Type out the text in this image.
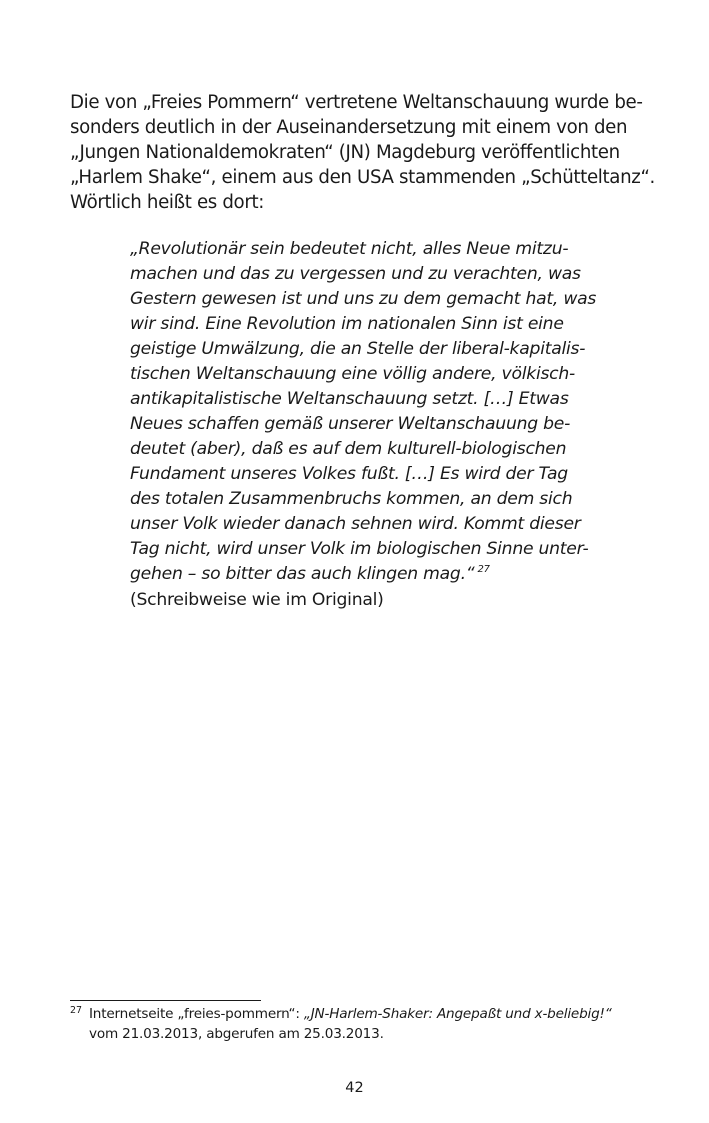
Die von „Freies Pommern“ vertretene Weltanschauung wurde be-
sonders deutlich in der Auseinandersetzung mit einem von den
„Jungen Nationaldemokraten“ (JN) Magdeburg veröffentlichten
„Harlem Shake“, einem aus den USA stammenden „Schütteltanz“.
Wörtlich heißt es dort:
„Revolutionär sein bedeutet nicht, alles Neue mitzu-
machen und das zu vergessen und zu verachten, was
Gestern gewesen ist und uns zu dem gemacht hat, was
wir sind. Eine Revolution im nationalen Sinn ist eine
geistige Umwälzung, die an Stelle der liberal-kapitalis-
tischen Weltanschauung eine völlig andere, völkisch-
antikapitalistische Weltanschauung setzt. […] Etwas
Neues schaffen gemäß unserer Weltanschauung be-
deutet (aber), daß es auf dem kulturell-biologischen
Fundament unseres Volkes fußt. […] Es wird der Tag
des totalen Zusammenbruchs kommen, an dem sich
unser Volk wieder danach sehnen wird. Kommt dieser
Tag nicht, wird unser Volk im biologischen Sinne unter-
gehen – so bitter das auch klingen mag.“ $^{27}$
(Schreibweise wie im Original)
27 Internetseite „freies-pommern“: „JN-Harlem-Shaker: Angepaßt und x-beliebig!“
vom 21.03.2013, abgerufen am 25.03.2013.
42
